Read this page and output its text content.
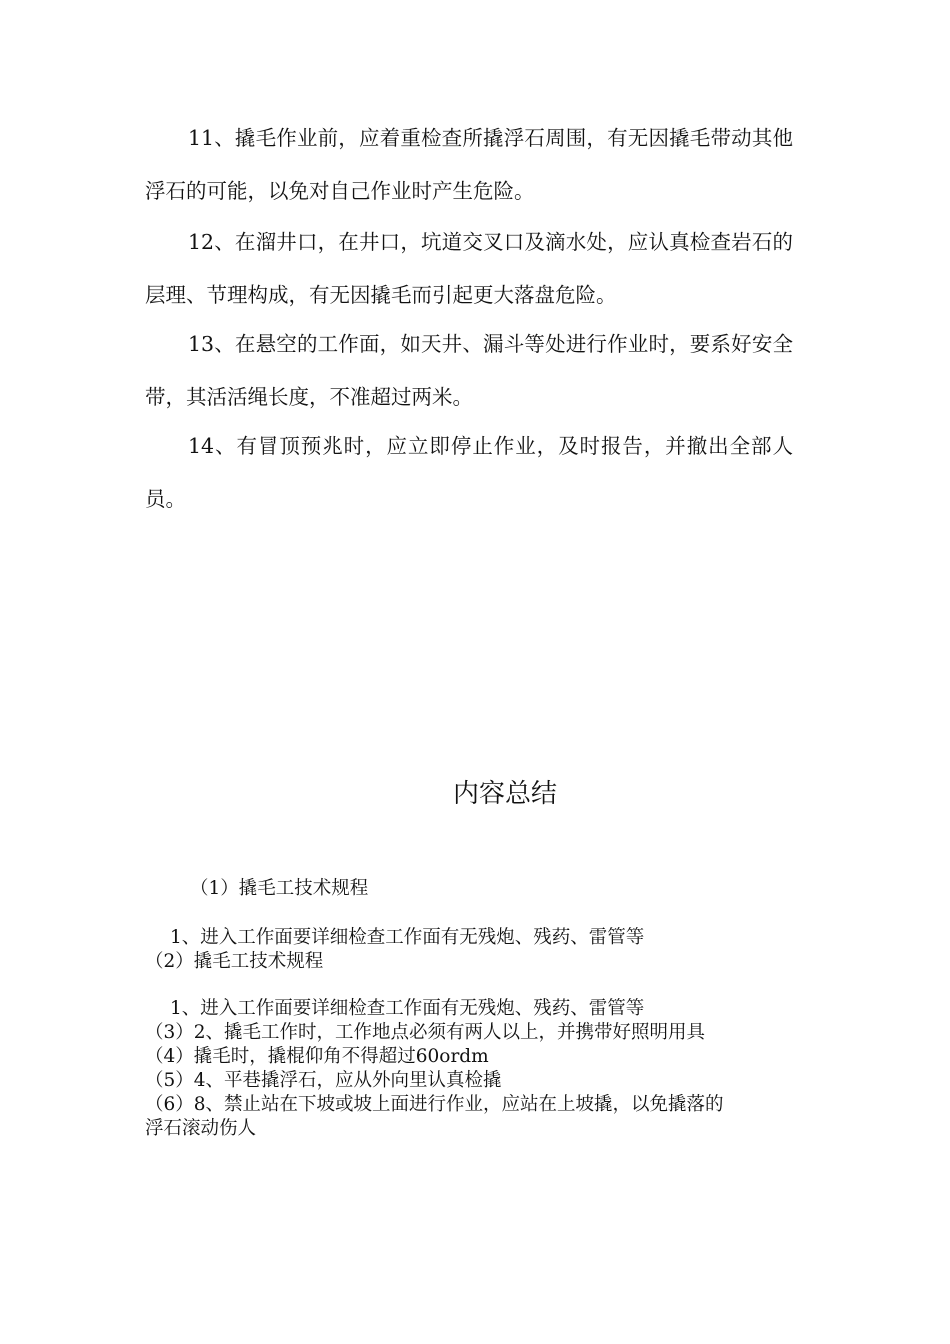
11、撬毛作业前，应着重检查所撬浮石周围，有无因撬毛带动其他浮石的可能，以免对自己作业时产生危险。

12、在溜井口，在井口，坑道交叉口及滴水处，应认真检查岩石的层理、节理构成，有无因撬毛而引起更大落盘危险。

13、在悬空的工作面，如天井、漏斗等处进行作业时，要系好安全带，其活活绳长度，不准超过两米。

14、有冒顶预兆时，应立即停止作业，及时报告，并撤出全部人员。

内容总结

（1）撬毛工技术规程

1、进入工作面要详细检查工作面有无残炮、残药、雷管等

（2）撬毛工技术规程

1、进入工作面要详细检查工作面有无残炮、残药、雷管等

（3）2、撬毛工作时，工作地点必须有两人以上，并携带好照明用具

（4）撬毛时，撬棍仰角不得超过60ordm

（5）4、平巷撬浮石，应从外向里认真检撬

（6）8、禁止站在下坡或坡上面进行作业，应站在上坡撬，以免撬落的

浮石滚动伤人
